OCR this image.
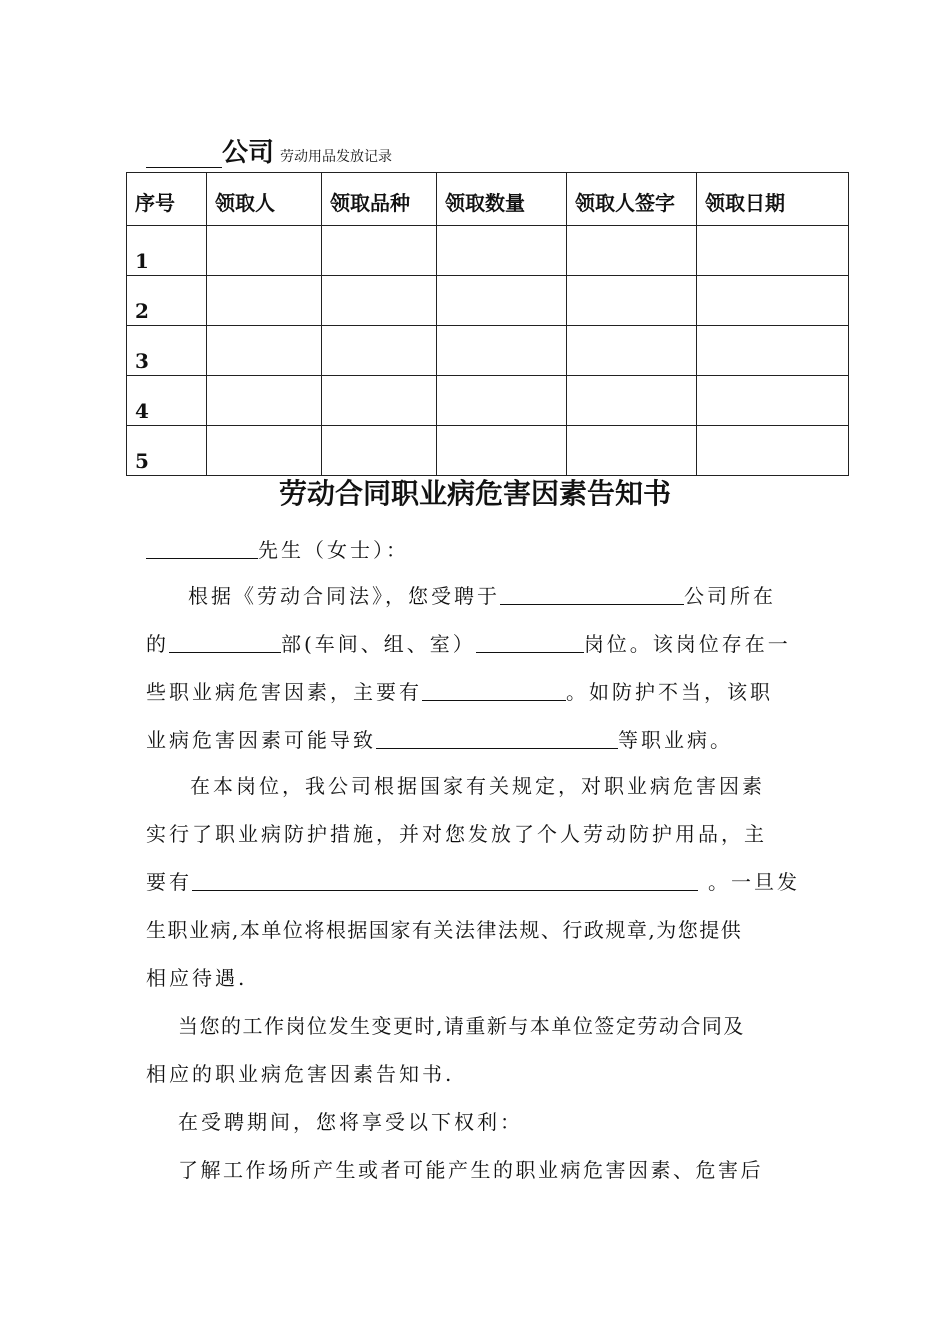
公司 劳动用品发放记录
序号	领取人	领取品种	领取数量	领取人签字	领取日期
1					
2					
3					
4					
5					
劳动合同职业病危害因素告知书
先生（女士）：
根据《劳动合同法》，您受聘于	公司所在
的	部(车间、组、室）	岗位。该岗位存在一
些职业病危害因素，主要有	。如防护不当，该职
业病危害因素可能导致	等职业病。
在本岗位，我公司根据国家有关规定，对职业病危害因素
实行了职业病防护措施，并对您发放了个人劳动防护用品，主
要有	。一旦发
生职业病,本单位将根据国家有关法律法规、行政规章,为您提供
相应待遇.
当您的工作岗位发生变更时,请重新与本单位签定劳动合同及
相应的职业病危害因素告知书.
在受聘期间，您将享受以下权利：
了解工作场所产生或者可能产生的职业病危害因素、危害后
